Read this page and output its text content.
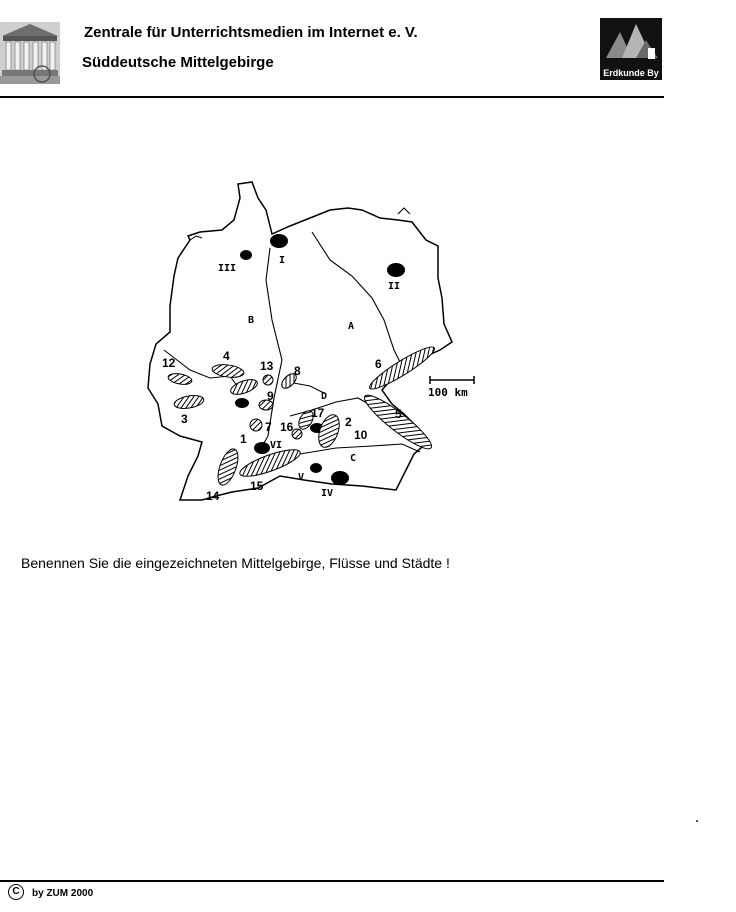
Zentrale für Unterrichtsmedien im Internet e. V.
Süddeutsche Mittelgebirge
Erdkunde By
100 km
A
B
C
D
I
II
III
IV
V
VI
1
2
3
4
5
6
7
8
9
10
12	13
14
15
16
17
Benennen Sie die eingezeichneten Mittelgebirge, Flüsse und Städte !
C	by ZUM 2000
